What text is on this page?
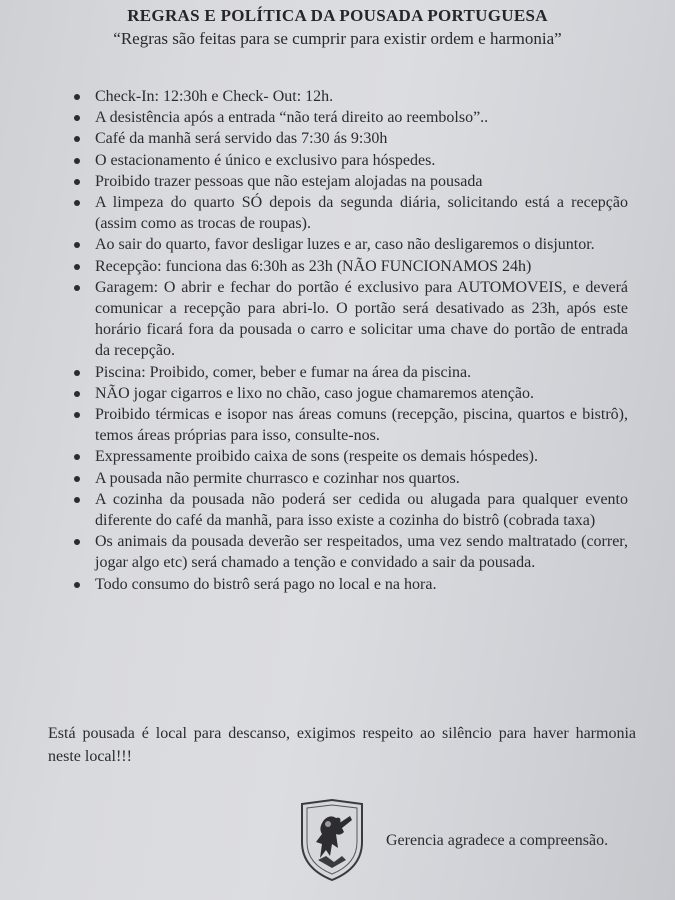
REGRAS E POLÍTICA DA POUSADA PORTUGUESA
“Regras são feitas para se cumprir para existir ordem e harmonia”
Check-In: 12:30h e Check- Out: 12h.
A desistência após a entrada “não terá direito ao reembolso”..
Café da manhã será servido das 7:30 ás 9:30h
O estacionamento é único e exclusivo para hóspedes.
Proibido trazer pessoas que não estejam alojadas na pousada
A limpeza do quarto SÓ depois da segunda diária, solicitando está a recepção (assim como as trocas de roupas).
Ao sair do quarto, favor desligar luzes e ar, caso não desligaremos o disjuntor.
Recepção: funciona das 6:30h as 23h (NÃO FUNCIONAMOS 24h)
Garagem: O abrir e fechar do portão é exclusivo para AUTOMOVEIS, e deverá comunicar a recepção para abri-lo. O portão será desativado as 23h, após este horário ficará fora da pousada o carro e solicitar uma chave do portão de entrada da recepção.
Piscina: Proibido, comer, beber e fumar na área da piscina.
NÃO jogar cigarros e lixo no chão, caso jogue chamaremos atenção.
Proibido térmicas e isopor nas áreas comuns (recepção, piscina, quartos e bistrô), temos áreas próprias para isso, consulte-nos.
Expressamente proibido caixa de sons (respeite os demais hóspedes).
A pousada não permite churrasco e cozinhar nos quartos.
A cozinha da pousada não poderá ser cedida ou alugada para qualquer evento diferente do café da manhã, para isso existe a cozinha do bistrô (cobrada taxa)
Os animais da pousada deverão ser respeitados, uma vez sendo maltratado (correr, jogar algo etc) será chamado a tenção e convidado a sair da pousada.
Todo consumo do bistrô será pago no local e na hora.
Está pousada é local para descanso, exigimos respeito ao silêncio para haver harmonia neste local!!!
Gerencia agradece a compreensão.
